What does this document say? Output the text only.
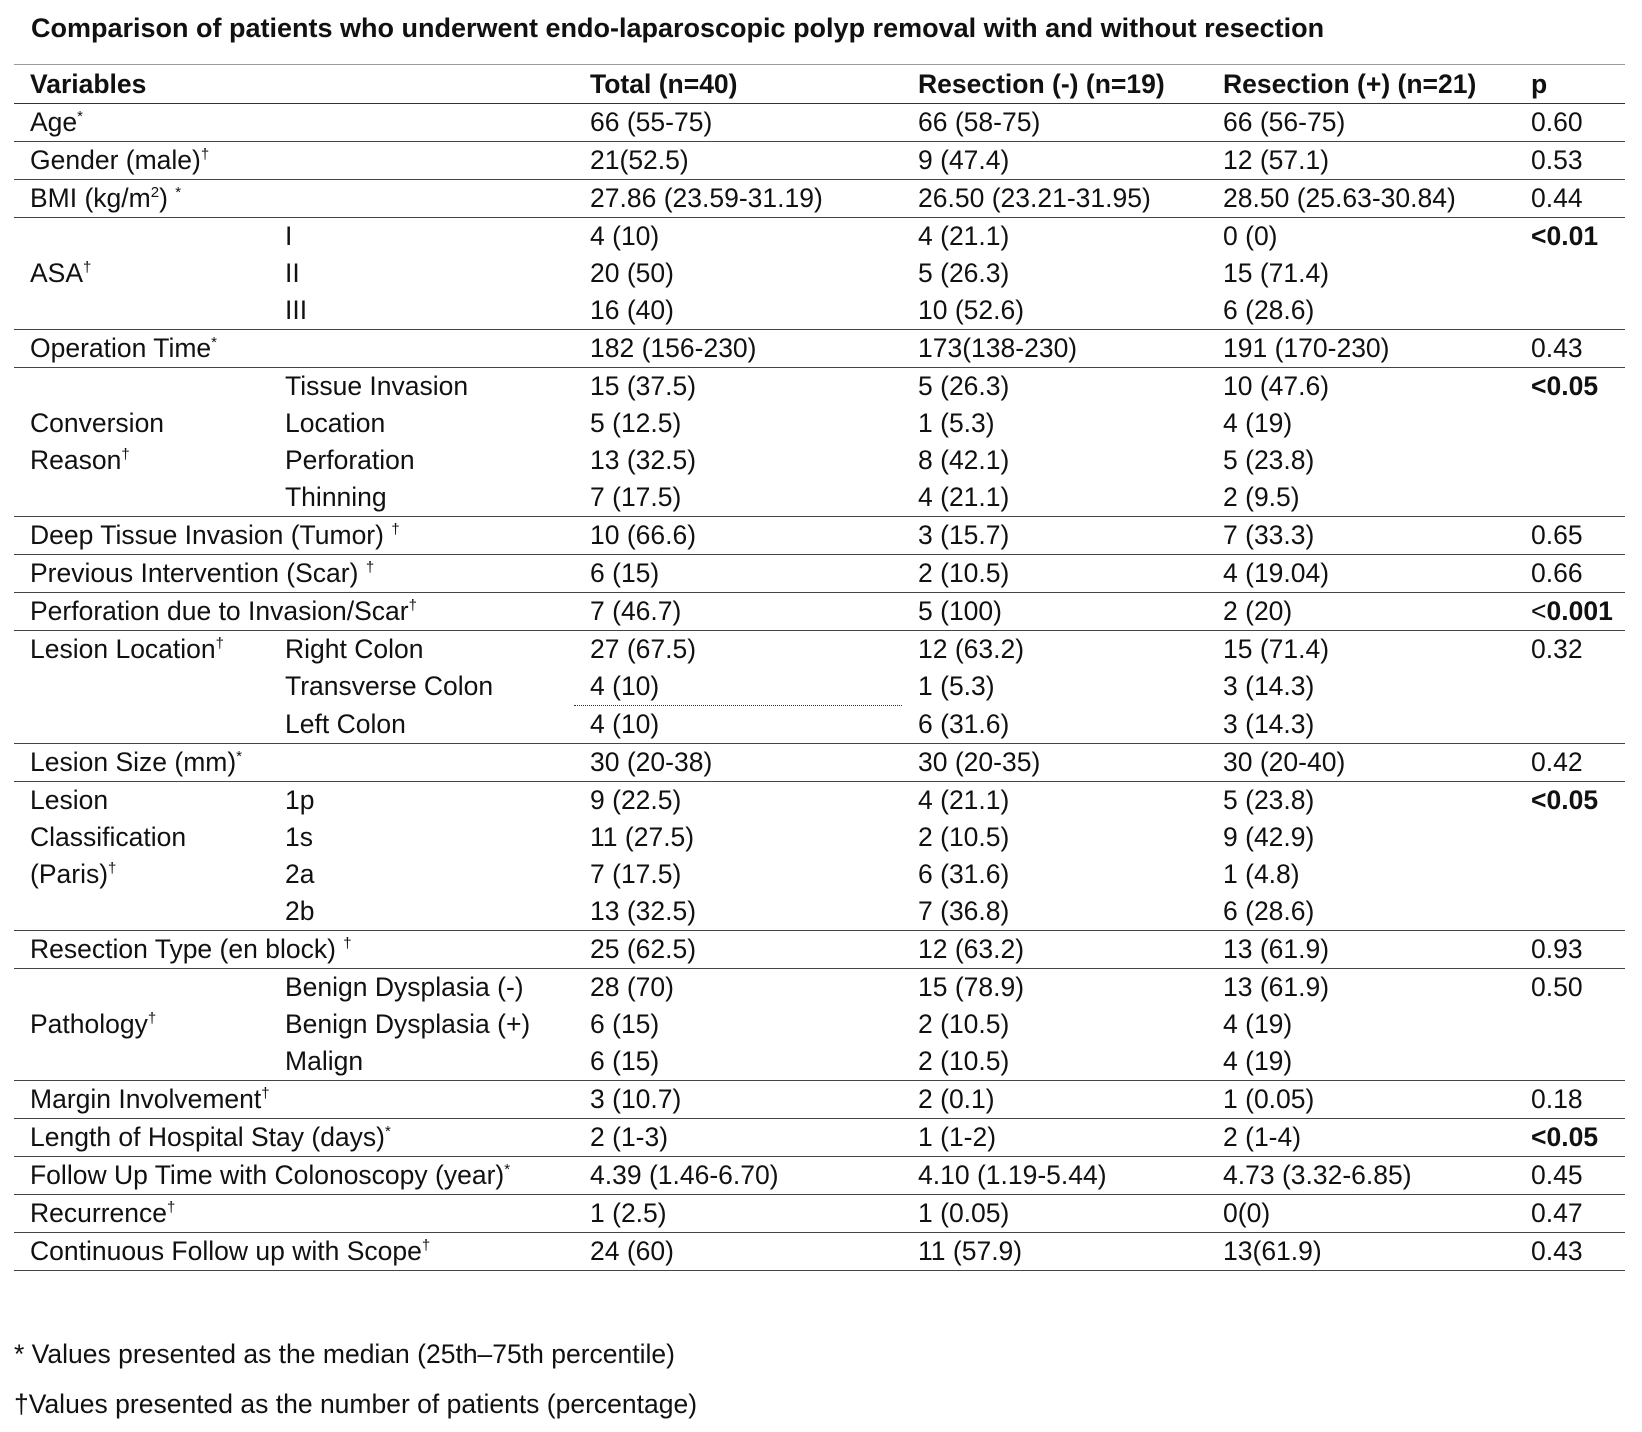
Comparison of patients who underwent endo-laparoscopic polyp removal with and without resection
Variables		Total (n=40)	Resection (-) (n=19)	Resection (+) (n=21)	p
Age*		66 (55-75)	66 (58-75)	66 (56-75)	0.60
Gender (male)†		21(52.5)	9 (47.4)	12 (57.1)	0.53
BMI $(kg/m^2)$ *		27.86 (23.59-31.19)	26.50 (23.21-31.95)	28.50 (25.63-30.84)	0.44
ASA†	I	4 (10)	4 (21.1)	0 (0)	<0.01
	II	20 (50)	5 (26.3)	15 (71.4)	
	III	16 (40)	10 (52.6)	6 (28.6)	
Operation Time*		182 (156-230)	173(138-230)	191 (170-230)	0.43
Conversion Reason†	Tissue Invasion	15 (37.5)	5 (26.3)	10 (47.6)	<0.05
	Location	5 (12.5)	1 (5.3)	4 (19)	
	Perforation	13 (32.5)	8 (42.1)	5 (23.8)	
	Thinning	7 (17.5)	4 (21.1)	2 (9.5)	
Deep Tissue Invasion (Tumor) †		10 (66.6)	3 (15.7)	7 (33.3)	0.65
Previous Intervention (Scar) †		6 (15)	2 (10.5)	4 (19.04)	0.66
Perforation due to Invasion/Scar†		7 (46.7)	5 (100)	2 (20)	<0.001
Lesion Location†	Right Colon	27 (67.5)	12 (63.2)	15 (71.4)	0.32
	Transverse Colon	4 (10)	1 (5.3)	3 (14.3)	
	Left Colon	4 (10)	6 (31.6)	3 (14.3)	
Lesion Size (mm)*		30 (20-38)	30 (20-35)	30 (20-40)	0.42
Lesion Classification (Paris)†	1p	9 (22.5)	4 (21.1)	5 (23.8)	<0.05
	1s	11 (27.5)	2 (10.5)	9 (42.9)	
	2a	7 (17.5)	6 (31.6)	1 (4.8)	
	2b	13 (32.5)	7 (36.8)	6 (28.6)	
Resection Type (en block) †		25 (62.5)	12 (63.2)	13 (61.9)	0.93
Pathology†	Benign Dysplasia (-)	28 (70)	15 (78.9)	13 (61.9)	0.50
	Benign Dysplasia (+)	6 (15)	2 (10.5)	4 (19)	
	Malign	6 (15)	2 (10.5)	4 (19)	
Margin Involvement†		3 (10.7)	2 (0.1)	1 (0.05)	0.18
Length of Hospital Stay (days)*		2 (1-3)	1 (1-2)	2 (1-4)	<0.05
Follow Up Time with Colonoscopy (year)*		4.39 (1.46-6.70)	4.10 (1.19-5.44)	4.73 (3.32-6.85)	0.45
Recurrence†		1 (2.5)	1 (0.05)	0(0)	0.47
Continuous Follow up with Scope†		24 (60)	11 (57.9)	13(61.9)	0.43
* Values presented as the median (25th–75th percentile)
†Values presented as the number of patients (percentage)
